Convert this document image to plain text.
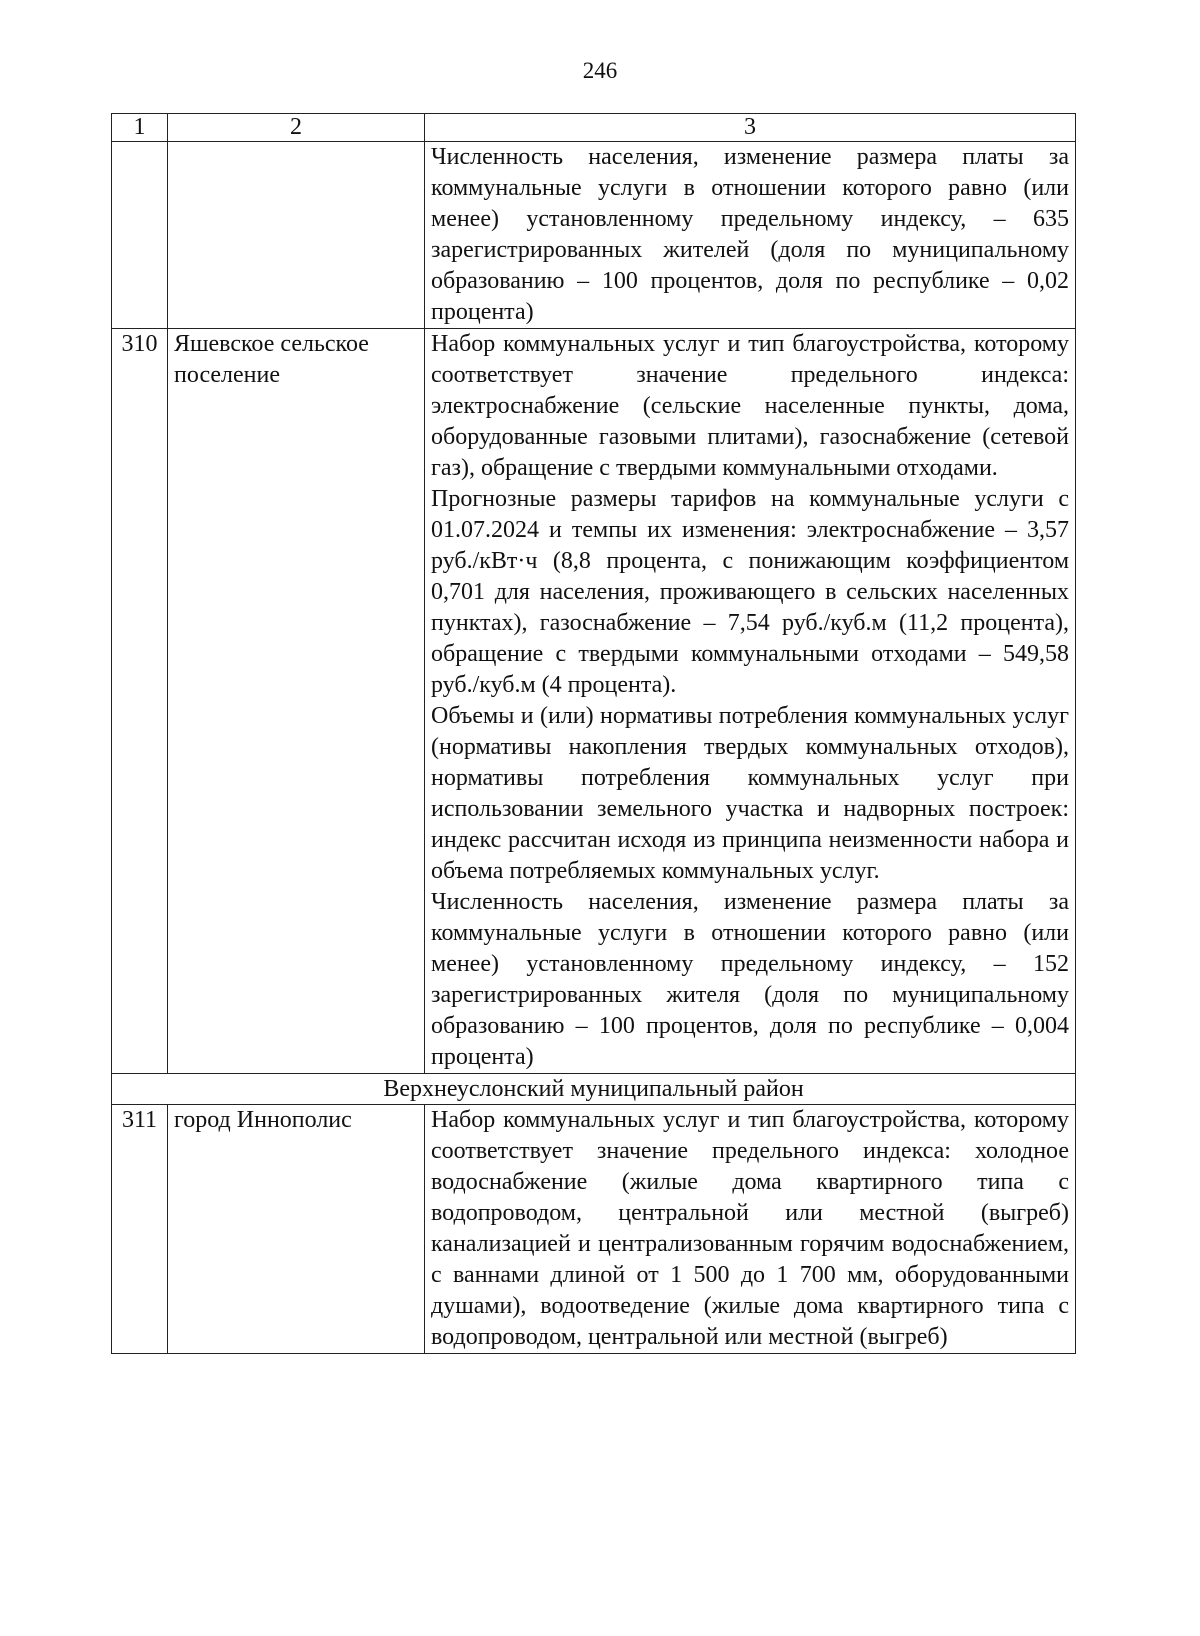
246
1	2	3

		Численность населения, изменение размера платы за коммунальные услуги в отношении которого равно (или менее) установленному предельному индексу, – 635 зарегистрированных жителей (доля по муниципальному образованию – 100 процентов, доля по республике – 0,02 процента)

310	Яшевское сельское поселение	Набор коммунальных услуг и тип благоустройства, которому соответствует значение предельного индекса: электроснабжение (сельские населенные пункты, дома, оборудованные газовыми плитами), газоснабжение (сетевой газ), обращение с твердыми коммунальными отходами.

Прогнозные размеры тарифов на коммунальные услуги с 01.07.2024 и темпы их изменения: электроснабжение – 3,57 руб./кВт·ч (8,8 процента, с понижающим коэффициентом 0,701 для населения, проживающего в сельских населенных пунктах), газоснабжение – 7,54 руб./куб.м (11,2 процента), обращение с твердыми коммунальными отходами – 549,58 руб./куб.м (4 процента).

Объемы и (или) нормативы потребления коммунальных услуг (нормативы накопления твердых коммунальных отходов), нормативы потребления коммунальных услуг при использовании земельного участка и надворных построек: индекс рассчитан исходя из принципа неизменности набора и объема потребляемых коммунальных услуг.

Численность населения, изменение размера платы за коммунальные услуги в отношении которого равно (или менее) установленному предельному индексу, – 152 зарегистрированных жителя (доля по муниципальному образованию – 100 процентов, доля по республике – 0,004 процента)

Верхнеуслонский муниципальный район		
311	город Иннополис	Набор коммунальных услуг и тип благоустройства, которому соответствует значение предельного индекса: холодное водоснабжение (жилые дома квартирного типа с водопроводом, центральной или местной (выгреб) канализацией и централизованным горячим водоснабжением, с ваннами длиной от 1 500 до 1 700 мм, оборудованными душами), водоотведение (жилые дома квартирного типа с водопроводом, центральной или местной (выгреб)
